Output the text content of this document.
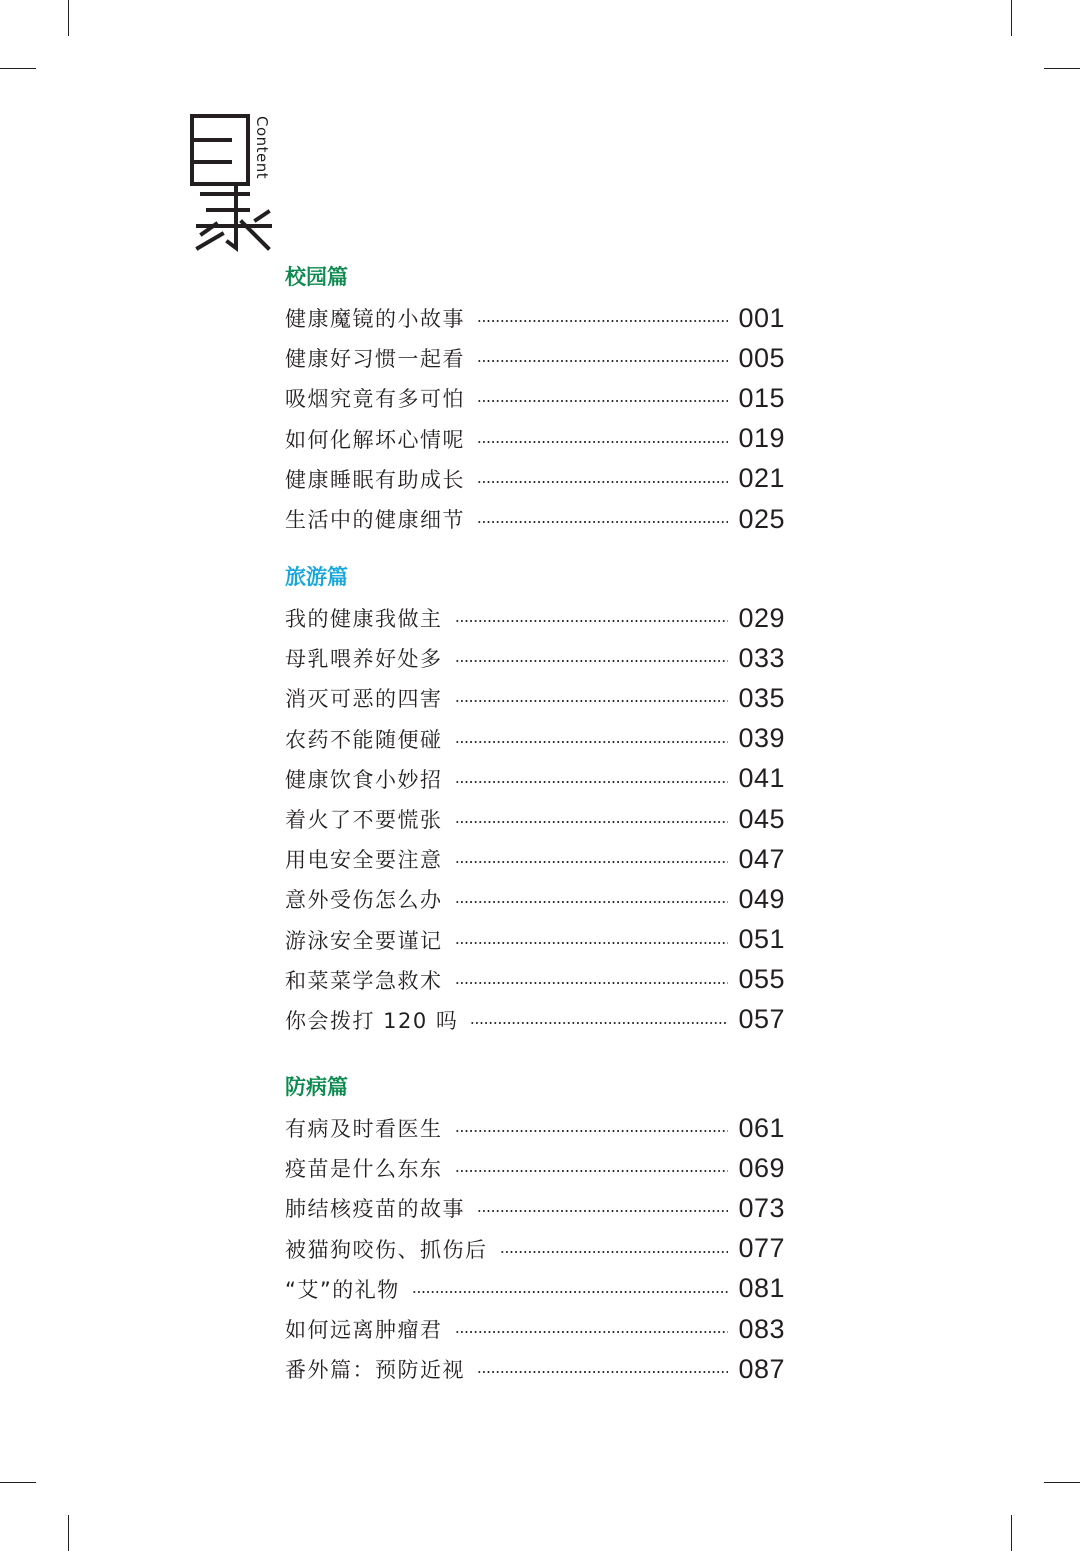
Content
校园篇
健康魔镜的小故事	001
健康好习惯一起看	005
吸烟究竟有多可怕	015
如何化解坏心情呢	019
健康睡眠有助成长	021
生活中的健康细节	025
旅游篇
我的健康我做主	029
母乳喂养好处多	033
消灭可恶的四害	035
农药不能随便碰	039
健康饮食小妙招	041
着火了不要慌张	045
用电安全要注意	047
意外受伤怎么办	049
游泳安全要谨记	051
和菜菜学急救术	055
你会拨打 120 吗	057
防病篇
有病及时看医生	061
疫苗是什么东东	069
肺结核疫苗的故事	073
被猫狗咬伤、抓伤后	077
“艾”的礼物	081
如何远离肿瘤君	083
番外篇：预防近视	087
